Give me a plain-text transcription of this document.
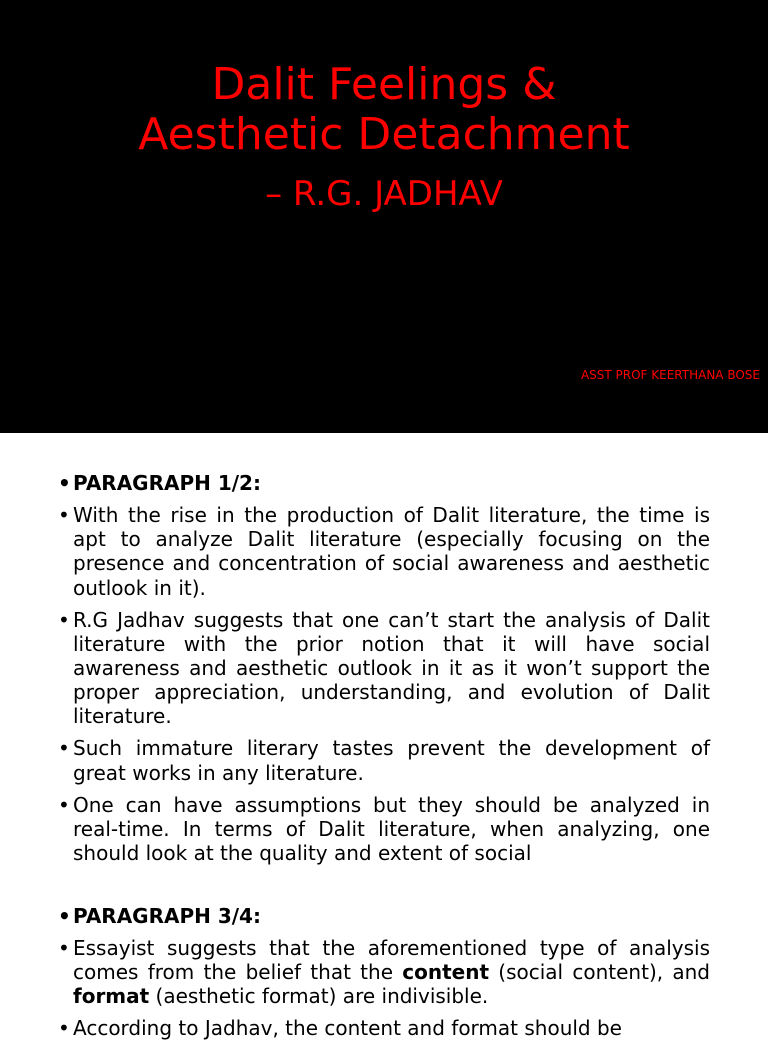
Dalit Feelings &
Aesthetic Detachment
– R.G. JADHAV
ASST PROF KEERTHANA BOSE
• PARAGRAPH 1/2:
• With the rise in the production of Dalit literature, the time is apt to analyze Dalit literature (especially focusing on the presence and concentration of social awareness and aesthetic outlook in it).
• R.G Jadhav suggests that one can’t start the analysis of Dalit literature with the prior notion that it will have social awareness and aesthetic outlook in it as it won’t support the proper appreciation, understanding, and evolution of Dalit literature.
• Such immature literary tastes prevent the development of great works in any literature.
• One can have assumptions but they should be analyzed in real-time. In terms of Dalit literature, when analyzing, one should look at the quality and extent of social
• PARAGRAPH 3/4:
• Essayist suggests that the aforementioned type of analysis comes from the belief that the content (social content), and format (aesthetic format) are indivisible.
• According to Jadhav, the content and format should be
